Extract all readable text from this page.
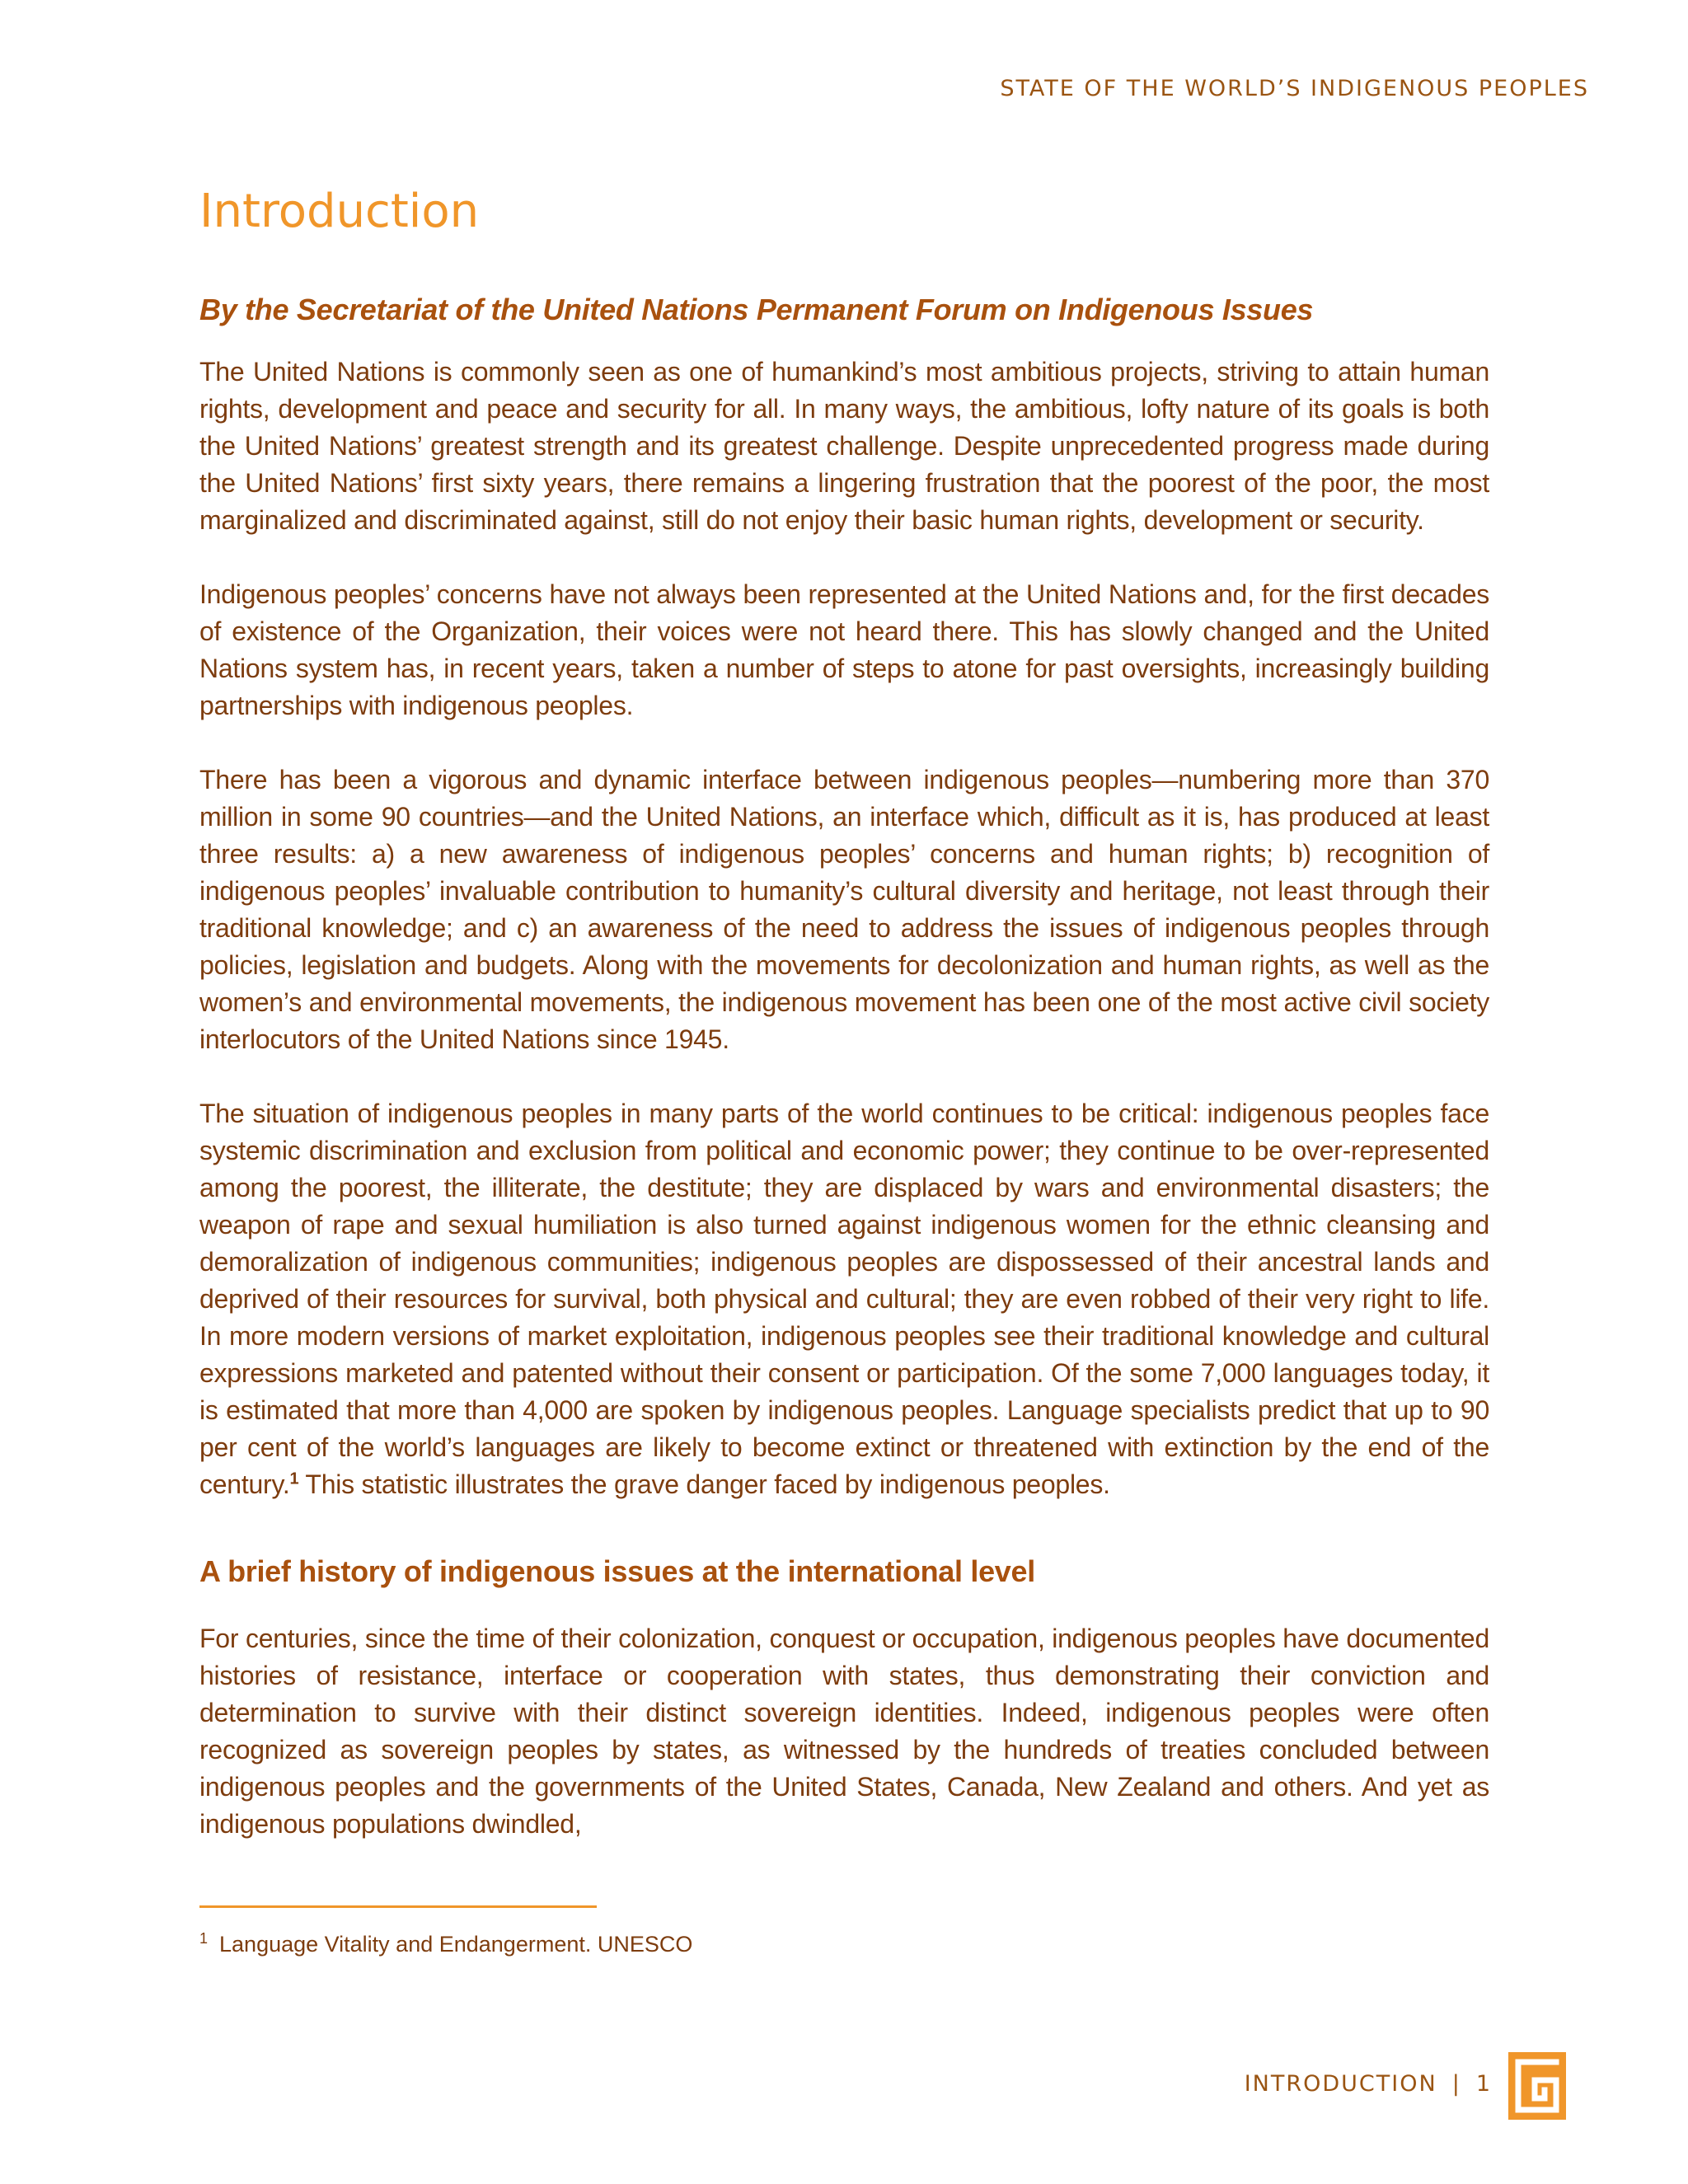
STATE OF THE WORLD’S INDIGENOUS PEOPLES
Introduction
By the Secretariat of the United Nations Permanent Forum on Indigenous Issues

The United Nations is commonly seen as one of humankind’s most ambitious projects, striving to attain human rights, development and peace and security for all. In many ways, the ambitious, lofty nature of its goals is both the United Nations’ greatest strength and its greatest challenge. Despite unprecedented progress made during the United Nations’ first sixty years, there remains a lingering frustration that the poorest of the poor, the most marginalized and discriminated against, still do not enjoy their basic human rights, development or security.

Indigenous peoples’ concerns have not always been represented at the United Nations and, for the first decades of existence of the Organization, their voices were not heard there. This has slowly changed and the United Nations system has, in recent years, taken a number of steps to atone for past oversights, increasingly building partnerships with indigenous peoples.

There has been a vigorous and dynamic interface between indigenous peoples—numbering more than 370 million in some 90 countries—and the United Nations, an interface which, difficult as it is, has produced at least three results: a) a new awareness of indigenous peoples’ concerns and human rights; b) recognition of indigenous peoples’ invaluable contribution to humanity’s cultural diversity and heritage, not least through their traditional knowledge; and c) an awareness of the need to address the issues of indigenous peoples through policies, legislation and budgets. Along with the movements for decolonization and human rights, as well as the women’s and environmental movements, the indigenous movement has been one of the most active civil society interlocutors of the United Nations since 1945.

The situation of indigenous peoples in many parts of the world continues to be critical: indigenous peoples face systemic discrimination and exclusion from political and economic power; they continue to be over-represented among the poorest, the illiterate, the destitute; they are displaced by wars and environmental disasters; the weapon of rape and sexual humiliation is also turned against indigenous women for the ethnic cleansing and demoralization of indigenous communities; indigenous peoples are dispossessed of their ancestral lands and deprived of their resources for survival, both physical and cultural; they are even robbed of their very right to life. In more modern versions of market exploitation, indigenous peoples see their traditional knowledge and cultural expressions marketed and patented without their consent or participation. Of the some 7,000 languages today, it is estimated that more than 4,000 are spoken by indigenous peoples. Language specialists predict that up to 90 per cent of the world’s languages are likely to become extinct or threatened with extinction by the end of the century.$^1$ This statistic illustrates the grave danger faced by indigenous peoples.

A brief history of indigenous issues at the international level

For centuries, since the time of their colonization, conquest or occupation, indigenous peoples have documented histories of resistance, interface or cooperation with states, thus demonstrating their conviction and determination to survive with their distinct sovereign identities. Indeed, indigenous peoples were often recognized as sovereign peoples by states, as witnessed by the hundreds of treaties concluded between indigenous peoples and the governments of the United States, Canada, New Zealand and others. And yet as indigenous populations dwindled,

$^1$ Language Vitality and Endangerment. UNESCO
INTRODUCTION | 1
